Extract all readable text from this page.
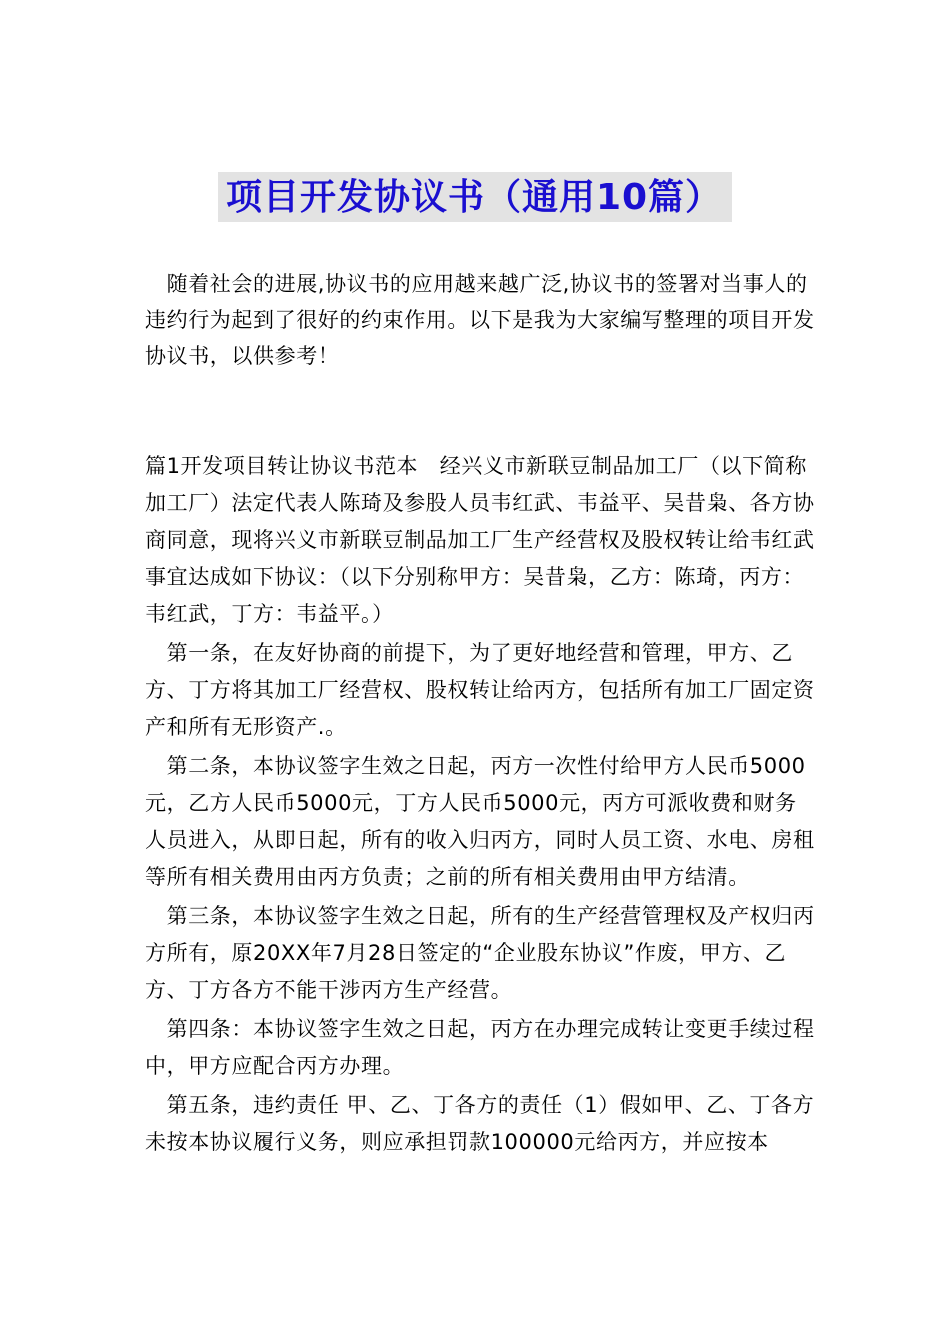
项目开发协议书（通用10篇）

　随着社会的进展,协议书的应用越来越广泛,协议书的签署对当事人的违约行为起到了很好的约束作用。以下是我为大家编写整理的项目开发协议书，以供参考！

篇1开发项目转让协议书范本　经兴义市新联豆制品加工厂（以下简称加工厂）法定代表人陈琦及参股人员韦红武、韦益平、吴昔枭、各方协商同意，现将兴义市新联豆制品加工厂生产经营权及股权转让给韦红武事宜达成如下协议：（以下分别称甲方：吴昔枭，乙方：陈琦，丙方：韦红武，丁方：韦益平。）

　第一条，在友好协商的前提下，为了更好地经营和管理，甲方、乙方、丁方将其加工厂经营权、股权转让给丙方，包括所有加工厂固定资产和所有无形资产.。

　第二条，本协议签字生效之日起，丙方一次性付给甲方人民币5000元，乙方人民币5000元，丁方人民币5000元，丙方可派收费和财务人员进入，从即日起，所有的收入归丙方，同时人员工资、水电、房租等所有相关费用由丙方负责；之前的所有相关费用由甲方结清。

　第三条，本协议签字生效之日起，所有的生产经营管理权及产权归丙方所有，原20XX年7月28日签定的“企业股东协议”作废，甲方、乙方、丁方各方不能干涉丙方生产经营。

　第四条：本协议签字生效之日起，丙方在办理完成转让变更手续过程中，甲方应配合丙方办理。

　第五条，违约责任 甲、乙、丁各方的责任（1）假如甲、乙、丁各方未按本协议履行义务，则应承担罚款100000元给丙方，并应按本
